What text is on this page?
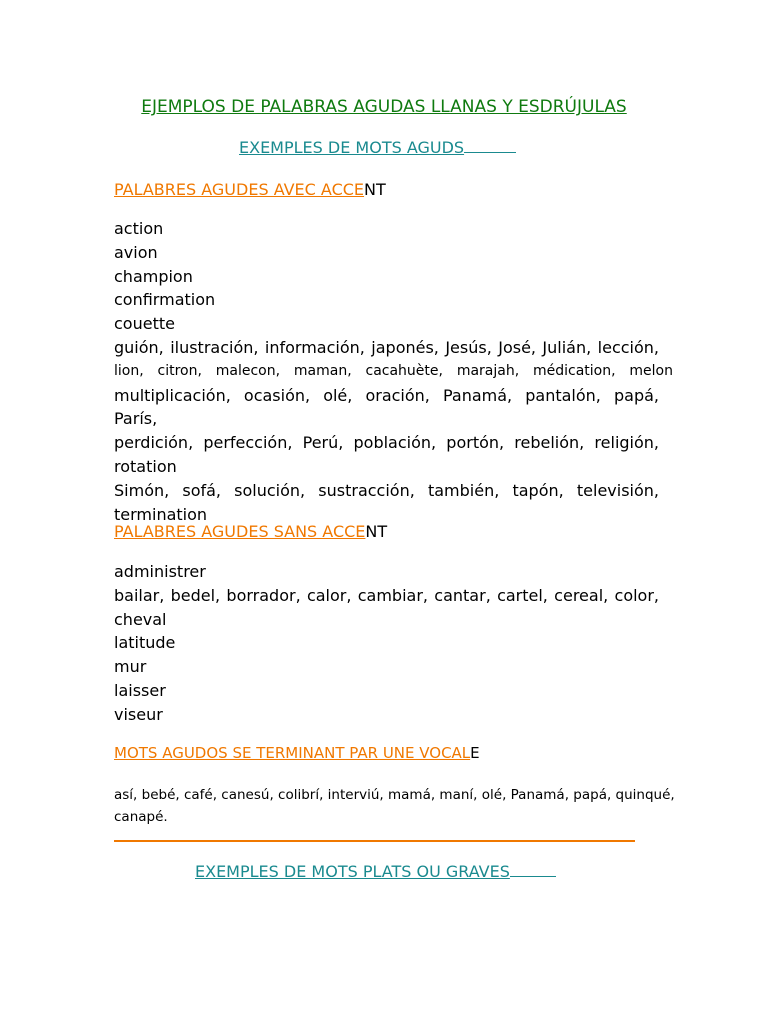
EJEMPLOS DE PALABRAS AGUDAS LLANAS Y ESDRÚJULAS
EXEMPLES DE MOTS AGUDS
PALABRES AGUDES AVEC ACCENT
action
avion
champion
confirmation
couette
guión, ilustración, información, japonés, Jesús, José, Julián, lección,
lion, citron, malecon, maman, cacahuète, marajah, médication, melon
multiplicación, ocasión, olé, oración, Panamá, pantalón, papá, París,
perdición, perfección, Perú, población, portón, rebelión, religión,
rotation
Simón, sofá, solución, sustracción, también, tapón, televisión,
termination
PALABRES AGUDES SANS ACCENT
administrer
bailar, bedel, borrador, calor, cambiar, cantar, cartel, cereal, color,
cheval
latitude
mur
laisser
viseur
MOTS AGUDOS SE TERMINANT PAR UNE VOCALE
así, bebé, café, canesú, colibrí, interviú, mamá, maní, olé, Panamá, papá, quinqué,
canapé.
EXEMPLES DE MOTS PLATS OU GRAVES
